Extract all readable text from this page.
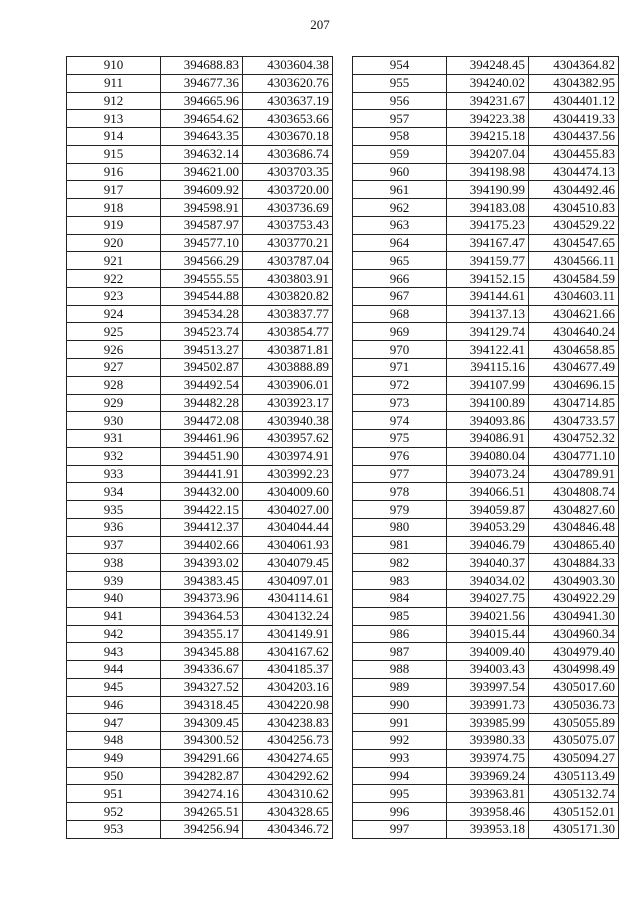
207
910	394688.83	4303604.38
911	394677.36	4303620.76
912	394665.96	4303637.19
913	394654.62	4303653.66
914	394643.35	4303670.18
915	394632.14	4303686.74
916	394621.00	4303703.35
917	394609.92	4303720.00
918	394598.91	4303736.69
919	394587.97	4303753.43
920	394577.10	4303770.21
921	394566.29	4303787.04
922	394555.55	4303803.91
923	394544.88	4303820.82
924	394534.28	4303837.77
925	394523.74	4303854.77
926	394513.27	4303871.81
927	394502.87	4303888.89
928	394492.54	4303906.01
929	394482.28	4303923.17
930	394472.08	4303940.38
931	394461.96	4303957.62
932	394451.90	4303974.91
933	394441.91	4303992.23
934	394432.00	4304009.60
935	394422.15	4304027.00
936	394412.37	4304044.44
937	394402.66	4304061.93
938	394393.02	4304079.45
939	394383.45	4304097.01
940	394373.96	4304114.61
941	394364.53	4304132.24
942	394355.17	4304149.91
943	394345.88	4304167.62
944	394336.67	4304185.37
945	394327.52	4304203.16
946	394318.45	4304220.98
947	394309.45	4304238.83
948	394300.52	4304256.73
949	394291.66	4304274.65
950	394282.87	4304292.62
951	394274.16	4304310.62
952	394265.51	4304328.65
953	394256.94	4304346.72
954	394248.45	4304364.82
955	394240.02	4304382.95
956	394231.67	4304401.12
957	394223.38	4304419.33
958	394215.18	4304437.56
959	394207.04	4304455.83
960	394198.98	4304474.13
961	394190.99	4304492.46
962	394183.08	4304510.83
963	394175.23	4304529.22
964	394167.47	4304547.65
965	394159.77	4304566.11
966	394152.15	4304584.59
967	394144.61	4304603.11
968	394137.13	4304621.66
969	394129.74	4304640.24
970	394122.41	4304658.85
971	394115.16	4304677.49
972	394107.99	4304696.15
973	394100.89	4304714.85
974	394093.86	4304733.57
975	394086.91	4304752.32
976	394080.04	4304771.10
977	394073.24	4304789.91
978	394066.51	4304808.74
979	394059.87	4304827.60
980	394053.29	4304846.48
981	394046.79	4304865.40
982	394040.37	4304884.33
983	394034.02	4304903.30
984	394027.75	4304922.29
985	394021.56	4304941.30
986	394015.44	4304960.34
987	394009.40	4304979.40
988	394003.43	4304998.49
989	393997.54	4305017.60
990	393991.73	4305036.73
991	393985.99	4305055.89
992	393980.33	4305075.07
993	393974.75	4305094.27
994	393969.24	4305113.49
995	393963.81	4305132.74
996	393958.46	4305152.01
997	393953.18	4305171.30
